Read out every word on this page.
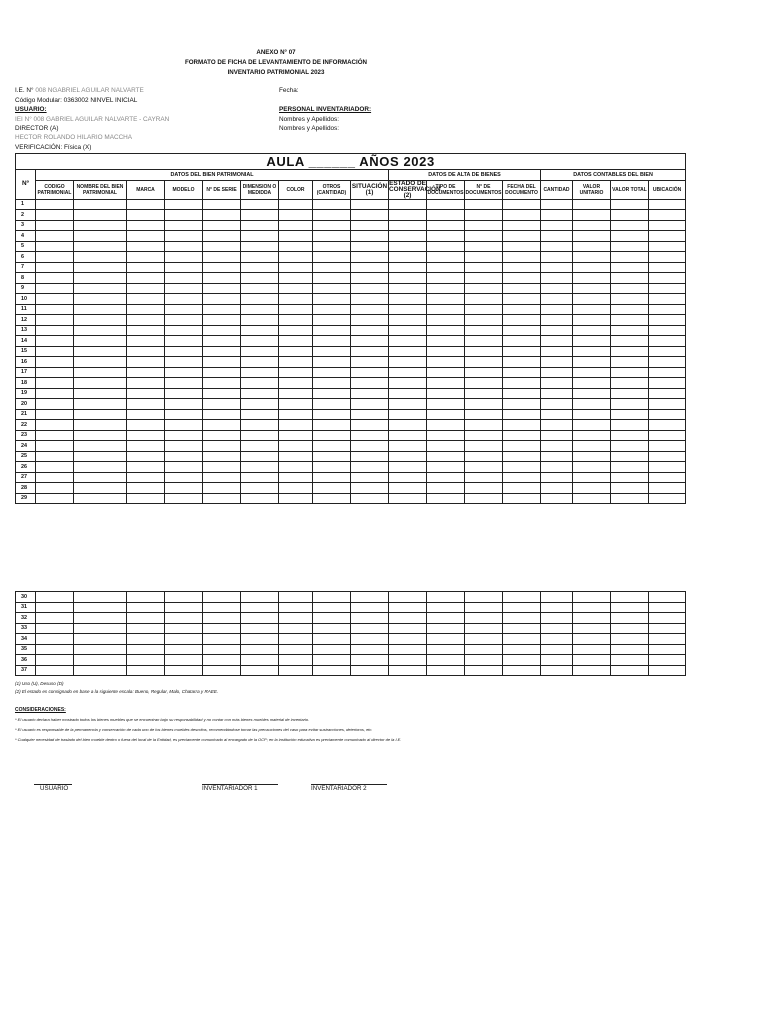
ANEXO N° 07
FORMATO DE FICHA DE LEVANTAMIENTO DE INFORMACIÓN
INVENTARIO PATRIMONIAL 2023
I.E. N° 008 NGABRIEL AGUILAR NALVARTE
Código Modular: 0363002 NINVEL INICIAL
USUARIO:
IEI N° 008 GABRIEL AGUILAR NALVARTE - CAYRAN
DIRECTOR (A)
HECTOR ROLANDO HILARIO MACCHA
VERIFICACIÓN: Física (X)
Fecha:
PERSONAL INVENTARIADOR:
Nombres y Apellidos:
Nombres y Apellidos:
AULA ______ AÑOS 2023																	
Nº	DATOS DEL BIEN PATRIMONIAL									DATOS DE ALTA DE BIENES				DATOS CONTABLES DEL BIEN			
	CODIGO PATRIMONIAL	NOMBRE DEL BIEN PATRIMONIAL	MARCA	MODELO	N° DE SERIE	DIMENSION O MEDIDDA	COLOR	OTROS (CANTIDAD)	SITUACIÓN (1)	ESTADO DE CONSERVACIÓN (2)	TIPO DE DOCUMENTOS	N° DE DOCUMENTOS	FECHA DEL DOCUMENTO	CANTIDAD	VALOR UNITARIO	VALOR TOTAL	UBICACIÓN
1																	
2																	
3																	
4																	
5																	
6																	
7																	
8																	
9																	
10																	
11																	
12																	
13																	
14																	
15																	
16																	
17																	
18																	
19																	
20																	
21																	
22																	
23																	
24																	
25																	
26																	
27																	
28																	
29																	
30																	
31																	
32																	
33																	
34																	
35																	
36																	
37																	
(1) Uso (U), Desuso (D)
(2) El estado es consignado en base a la siguiente escala: Bueno, Regular, Malo, Chatarra y RAEE.
CONSIDERACIONES:
* El usuario declara haber mostrado todos los bienes muebles que se encuentran bajo su responsabilidad y no contar con más bienes muebles material de inventario.
* El usuario es responsable de la permanencia y conservación de cada uno de los bienes muebles descritos, recomendándose tomar las precauciones del caso para evitar sustracciones, deterioros, etc.
* Cualquier necesidad de traslado del bien mueble dentro o fuera del local de la Entidad, es previamente comunicado al encargado de la OCP; en la institución educativa es previamente comunicado al director de la I.E.
USUARIO	INVENTARIADOR 1	INVENTARIADOR 2
